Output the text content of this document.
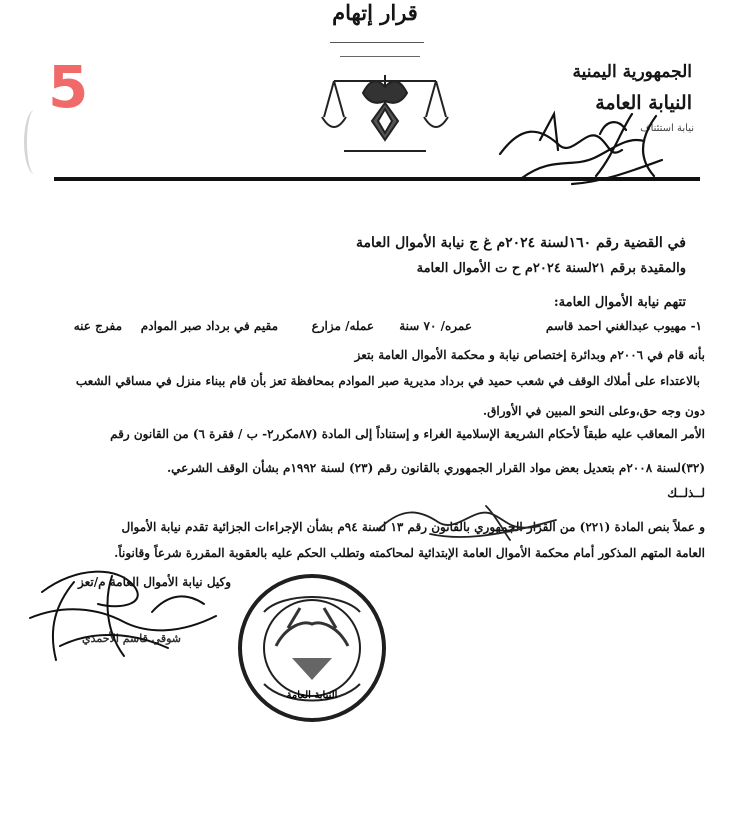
5	الجمهورية اليمنية
النيابة العامة
نيابة استئناف
قرار إتهام
في القضية رقم ١٦٠لسنة ٢٠٢٤م غ ج نيابة الأموال العامة
والمقيدة برقم ٢١لسنة ٢٠٢٤م ح ت الأموال العامة
تتهم نيابة الأموال العامة:
١- مهيوب عبدالغني احمد قاسم
عمره/ ٧٠ سنة
عمله/ مزارع
مقيم في برداد صبر الموادم
مفرج عنه
بأنه قام في ٢٠٠٦م وبدائرة إختصاص نيابة و محكمة الأموال العامة بتعز
بالاعتداء على أملاك الوقف في شعب حميد في برداد مديرية صبر الموادم بمحافظة تعز بأن قام ببناء منزل في مساقي الشعب
دون وجه حق،وعلى النحو المبين في الأوراق.
الأمر المعاقب عليه طبقاً لأحكام الشريعة الإسلامية الغراء و إستناداً إلى المادة (٨٧مكرر٢- ب / فقرة ٦) من القانون رقم
(٣٢)لسنة ٢٠٠٨م بتعديل بعض مواد القرار الجمهوري بالقانون رقم (٢٣) لسنة ١٩٩٢م بشأن الوقف الشرعي.
لــذلــك
و عملاً بنص المادة (٢٢١) من القرار الجمهوري بالقانون رقم ١٣ لسنة ٩٤م بشأن الإجراءات الجزائية تقدم نيابة الأموال
العامة المتهم المذكور أمام محكمة الأموال العامة الإبتدائية لمحاكمته وتطلب الحكم عليه بالعقوبة المقررة شرعاً وقانوناً.
وكيل نيابة الأموال العامة م/تعز
شوقي قاسم الأحمدي
النيابة العامة
